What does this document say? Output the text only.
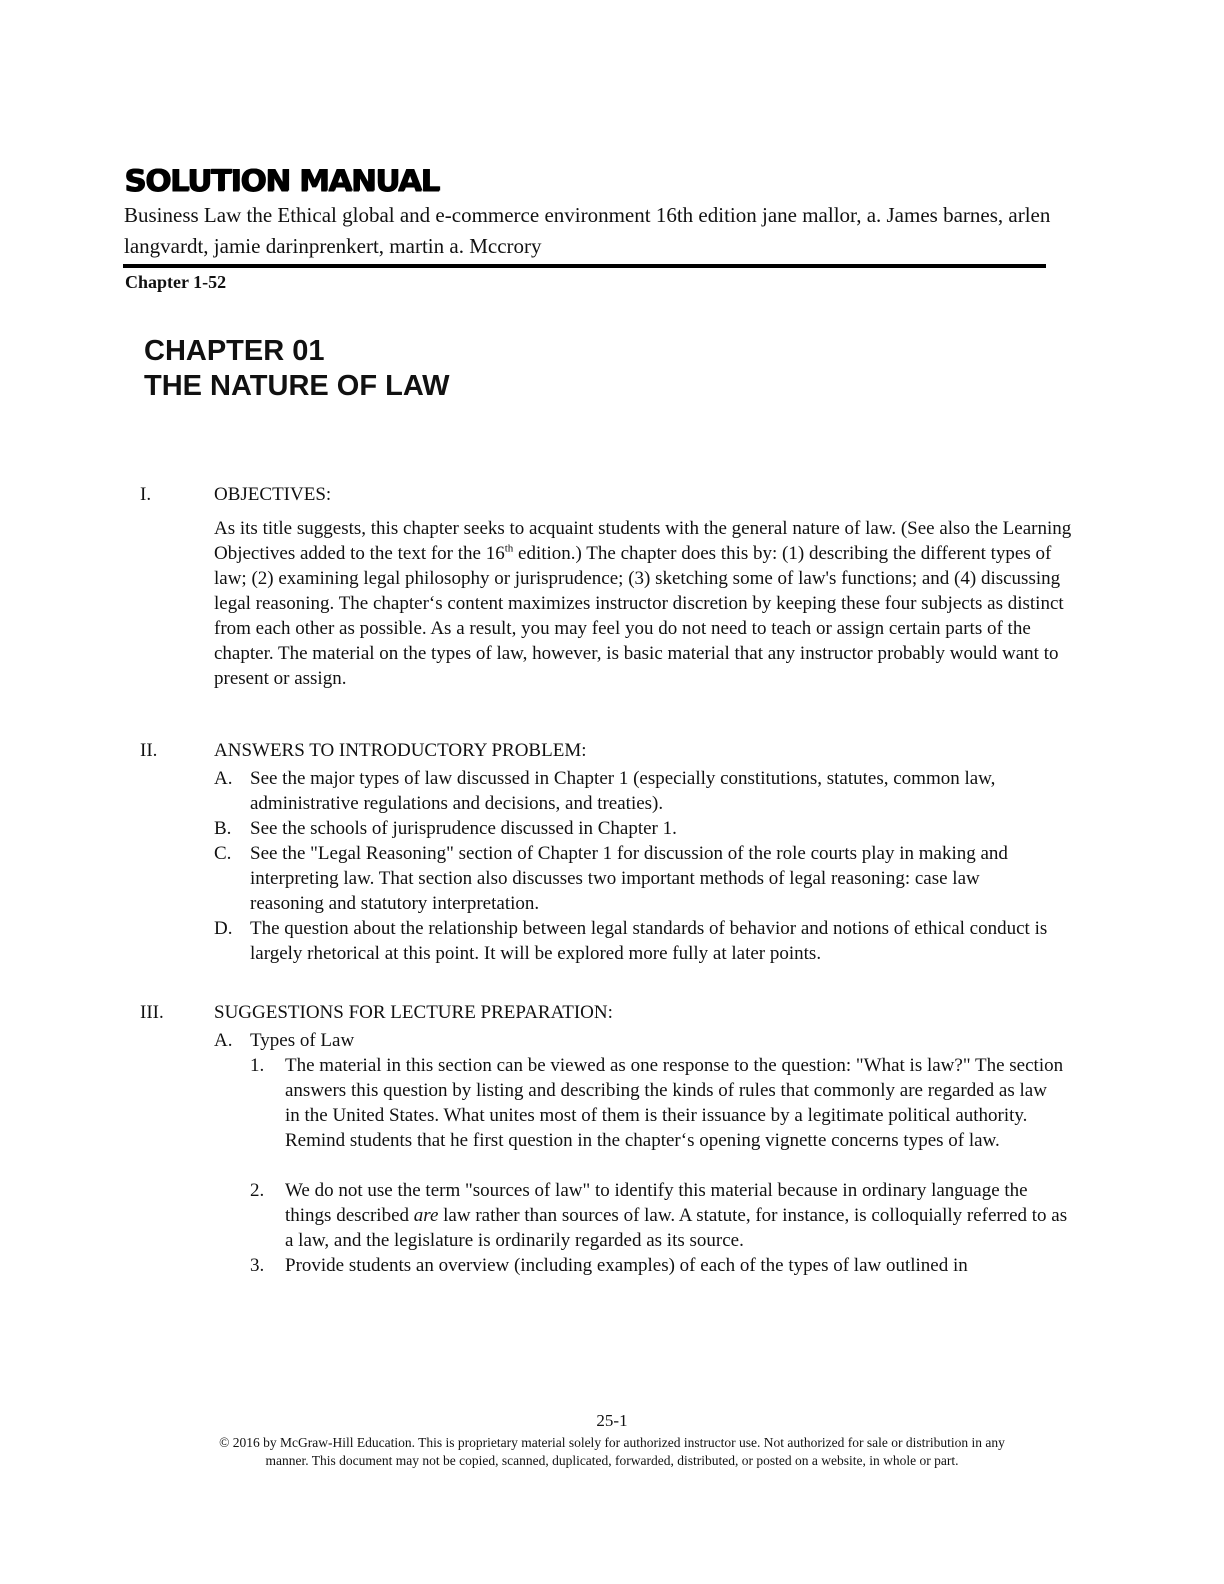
SOLUTION MANUAL
Business Law the Ethical global and e-commerce environment 16th edition jane mallor, a. James barnes, arlen langvardt, jamie darinprenkert, martin a. Mccrory
Chapter 1-52
CHAPTER 01
THE NATURE OF LAW
I.	OBJECTIVES:
As its title suggests, this chapter seeks to acquaint students with the general nature of law. (See also the Learning Objectives added to the text for the 16th edition.) The chapter does this by: (1) describing the different types of law; (2) examining legal philosophy or jurisprudence; (3) sketching some of law's functions; and (4) discussing legal reasoning. The chapter‘s content maximizes instructor discretion by keeping these four subjects as distinct from each other as possible. As a result, you may feel you do not need to teach or assign certain parts of the chapter. The material on the types of law, however, is basic material that any instructor probably would want to present or assign.
II.	ANSWERS TO INTRODUCTORY PROBLEM:
A. See the major types of law discussed in Chapter 1 (especially constitutions, statutes, common law, administrative regulations and decisions, and treaties).
B. See the schools of jurisprudence discussed in Chapter 1.
C. See the "Legal Reasoning" section of Chapter 1 for discussion of the role courts play in making and interpreting law. That section also discusses two important methods of legal reasoning: case law reasoning and statutory interpretation.
D. The question about the relationship between legal standards of behavior and notions of ethical conduct is largely rhetorical at this point. It will be explored more fully at later points.
III.	SUGGESTIONS FOR LECTURE PREPARATION:
A. Types of Law
1. The material in this section can be viewed as one response to the question: "What is law?" The section answers this question by listing and describing the kinds of rules that commonly are regarded as law in the United States. What unites most of them is their issuance by a legitimate political authority. Remind students that he first question in the chapter‘s opening vignette concerns types of law.
2. We do not use the term "sources of law" to identify this material because in ordinary language the things described are law rather than sources of law. A statute, for instance, is colloquially referred to as a law, and the legislature is ordinarily regarded as its source.
3. Provide students an overview (including examples) of each of the types of law outlined in
25-1
© 2016 by McGraw-Hill Education. This is proprietary material solely for authorized instructor use. Not authorized for sale or distribution in any
manner. This document may not be copied, scanned, duplicated, forwarded, distributed, or posted on a website, in whole or part.
